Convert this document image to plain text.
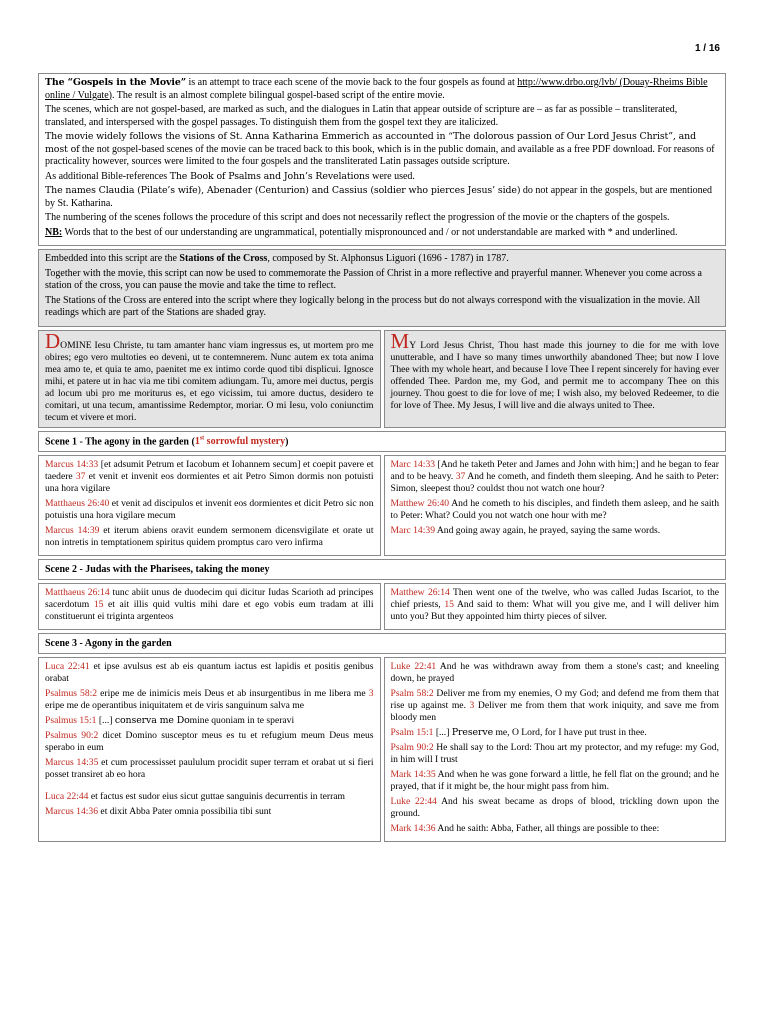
1 / 16

The “Gospels in the Movie” is an attempt to trace each scene of the movie back to the four gospels as found at http://www.drbo.org/lvb/ (Douay-Rheims Bible online / Vulgate). The result is an almost complete bilingual gospel-based script of the entire movie.

The scenes, which are not gospel-based, are marked as such, and the dialogues in Latin that appear outside of scripture are – as far as possible – transliterated, translated, and interspersed with the gospel passages. To distinguish them from the gospel text they are italicized.

The movie widely follows the visions of St. Anna Katharina Emmerich as accounted in “The dolorous passion of Our Lord Jesus Christ”, and most of the not gospel-based scenes of the movie can be traced back to this book, which is in the public domain, and available as a free PDF download. For reasons of practicality however, sources were limited to the four gospels and the transliterated Latin passages outside scripture.

As additional Bible-references The Book of Psalms and John’s Revelations were used.

The names Claudia (Pilate’s wife), Abenader (Centurion) and Cassius (soldier who pierces Jesus’ side) do not appear in the gospels, but are mentioned by St. Katharina.

The numbering of the scenes follows the procedure of this script and does not necessarily reflect the progression of the movie or the chapters of the gospels.

NB: Words that to the best of our understanding are ungrammatical, potentially mispronounced and / or not understandable are marked with * and underlined.

Embedded into this script are the Stations of the Cross, composed by St. Alphonsus Liguori (1696 - 1787) in 1787.

Together with the movie, this script can now be used to commemorate the Passion of Christ in a more reflective and prayerful manner. Whenever you come across a station of the cross, you can pause the movie and take the time to reflect.

The Stations of the Cross are entered into the script where they logically belong in the process but do not always correspond with the visualization in the movie. All readings which are part of the Stations are shaded gray.

DOMINE Iesu Christe, tu tam amanter hanc viam ingressus es, ut mortem pro me obires; ego vero multoties eo deveni, ut te contemnerem. Nunc autem ex tota anima mea amo te, et quia te amo, paenitet me ex intimo corde quod tibi displicui. Ignosce mihi, et patere ut in hac via me tibi comitem adiungam. Tu, amore mei ductus, pergis ad locum ubi pro me moriturus es, et ego vicissim, tui amore ductus, desidero te comitari, ut una tecum, amantissime Redemptor, moriar. O mi Iesu, volo coniunctim tecum et vivere et mori.
MY Lord Jesus Christ, Thou hast made this journey to die for me with love unutterable, and I have so many times unworthily abandoned Thee; but now I love Thee with my whole heart, and because I love Thee I repent sincerely for having ever offended Thee. Pardon me, my God, and permit me to accompany Thee on this journey. Thou goest to die for love of me; I wish also, my beloved Redeemer, to die for love of Thee. My Jesus, I will live and die always united to Thee.
Scene 1 - The agony in the garden (1st sorrowful mystery)

Marcus 14:33 [et adsumit Petrum et Iacobum et Iohannem secum] et coepit pavere et taedere 37 et venit et invenit eos dormientes et ait Petro Simon dormis non potuisti una hora vigilare

Matthaeus 26:40 et venit ad discipulos et invenit eos dormientes et dicit Petro sic non potuistis una hora vigilare mecum

Marcus 14:39 et iterum abiens oravit eundem sermonem dicensvigilate et orate ut non intretis in temptationem spiritus quidem promptus caro vero infirma

Marc 14:33 [And he taketh Peter and James and John with him;] and he began to fear and to be heavy. 37 And he cometh, and findeth them sleeping. And he saith to Peter: Simon, sleepest thou? couldst thou not watch one hour?

Matthew 26:40 And he cometh to his disciples, and findeth them asleep, and he saith to Peter: What? Could you not watch one hour with me?

Marc 14:39 And going away again, he prayed, saying the same words.

Scene 2 - Judas with the Pharisees, taking the money

Matthaeus 26:14 tunc abiit unus de duodecim qui dicitur Iudas Scarioth ad principes sacerdotum 15 et ait illis quid vultis mihi dare et ego vobis eum tradam at illi constituerunt ei triginta argenteos

Matthew 26:14 Then went one of the twelve, who was called Judas Iscariot, to the chief priests, 15 And said to them: What will you give me, and I will deliver him unto you? But they appointed him thirty pieces of silver.

Scene 3 - Agony in the garden

Luca 22:41 et ipse avulsus est ab eis quantum iactus est lapidis et positis genibus orabat

Psalmus 58:2 eripe me de inimicis meis Deus et ab insurgentibus in me libera me 3 eripe me de operantibus iniquitatem et de viris sanguinum salva me

Psalmus 15:1 [...] conserva me Domine quoniam in te speravi

Psalmus 90:2 dicet Domino susceptor meus es tu et refugium meum Deus meus sperabo in eum

Marcus 14:35 et cum processisset paululum procidit super terram et orabat ut si fieri posset transiret ab eo hora

Luca 22:44 et factus est sudor eius sicut guttae sanguinis decurrentis in terram

Marcus 14:36 et dixit Abba Pater omnia possibilia tibi sunt

Luke 22:41 And he was withdrawn away from them a stone's cast; and kneeling down, he prayed

Psalm 58:2 Deliver me from my enemies, O my God; and defend me from them that rise up against me. 3 Deliver me from them that work iniquity, and save me from bloody men

Psalm 15:1 [...] Preserve me, O Lord, for I have put trust in thee.

Psalm 90:2 He shall say to the Lord: Thou art my protector, and my refuge: my God, in him will I trust

Mark 14:35 And when he was gone forward a little, he fell flat on the ground; and he prayed, that if it might be, the hour might pass from him.

Luke 22:44 And his sweat became as drops of blood, trickling down upon the ground.

Mark 14:36 And he saith: Abba, Father, all things are possible to thee:
